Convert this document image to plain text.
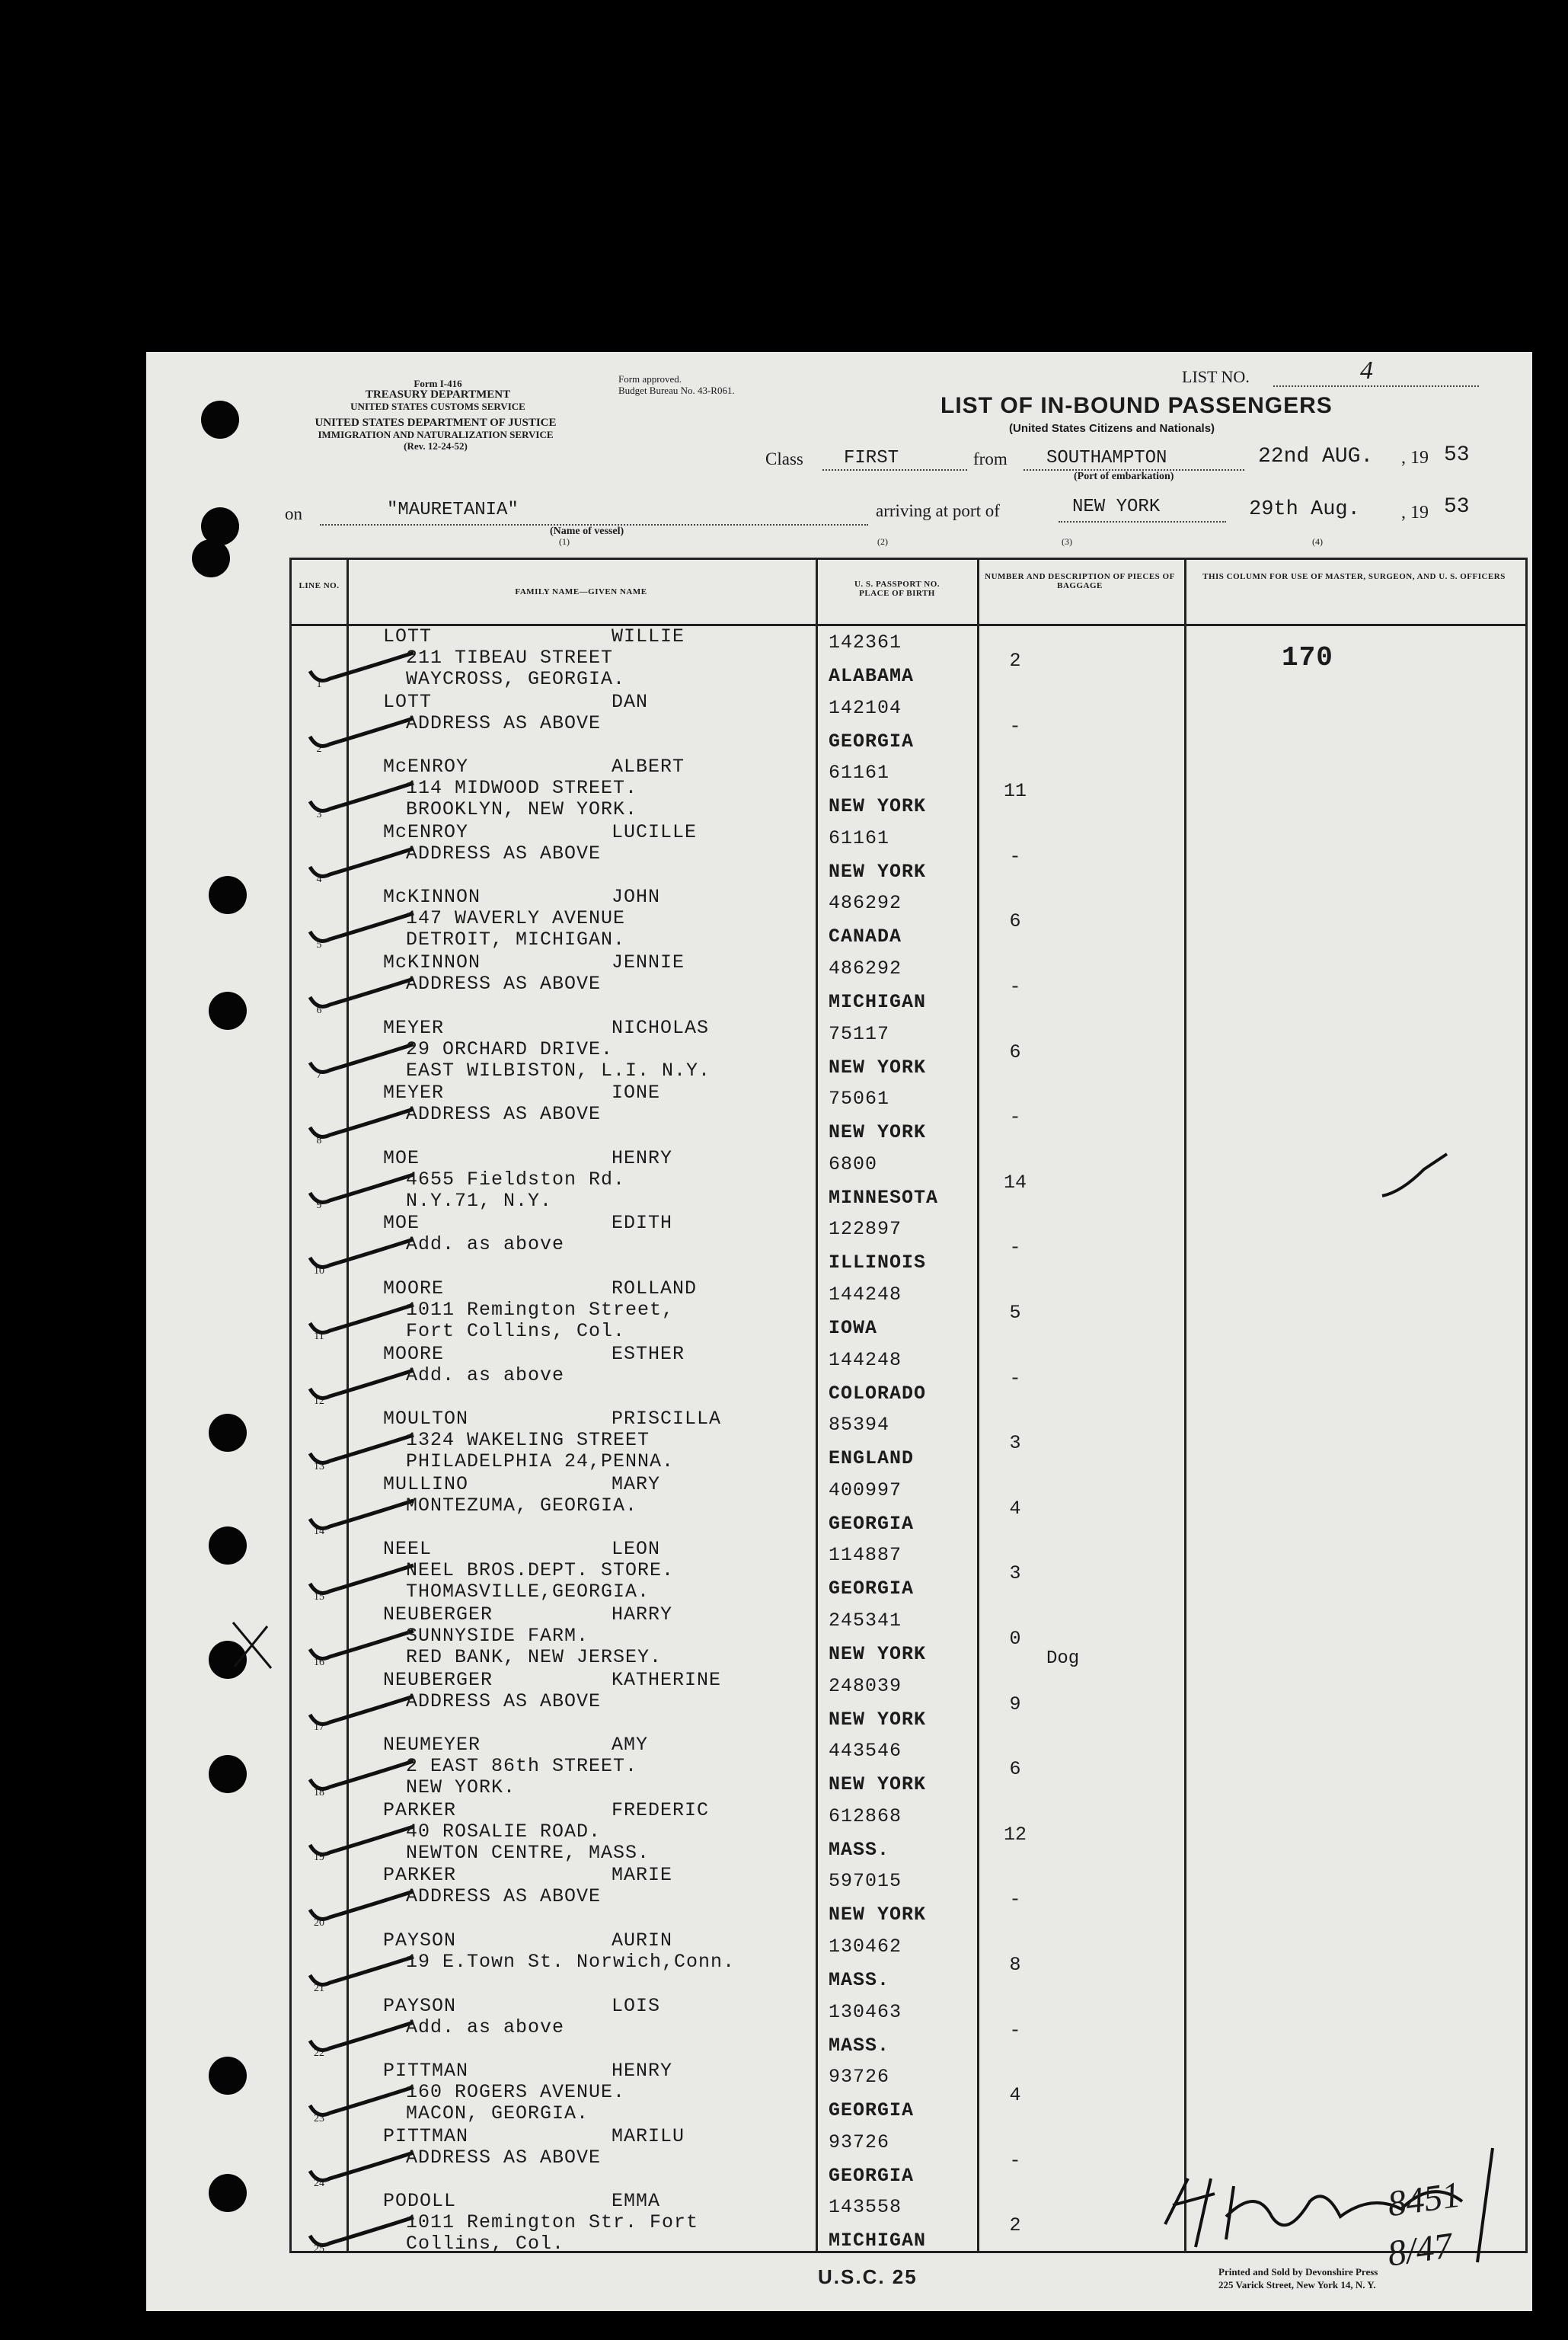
Form I-416
TREASURY DEPARTMENT
UNITED STATES CUSTOMS SERVICE
Form approved.
Budget Bureau No. 43-R061.
UNITED STATES DEPARTMENT OF JUSTICE
IMMIGRATION AND NATURALIZATION SERVICE
(Rev. 12-24-52)
LIST NO.	4
LIST OF IN-BOUND PASSENGERS
(United States Citizens and Nationals)
Class FIRST	from SOUTHAMPTON
(Port of embarkation)
22nd AUG. , 19 53
on	"MAURETANIA"
(Name of vessel)
arriving at port of	NEW YORK	29th Aug. , 19 53
(1)	(2)	(3)	(4)
LINE NO.
FAMILY NAME—GIVEN NAME
U. S. PASSPORT NO. PLACE OF BIRTH
NUMBER AND DESCRIPTION OF PIECES OF BAGGAGE
THIS COLUMN FOR USE OF MASTER, SURGEON, AND U. S. OFFICERS
1
LOTT	WILLIE
211 TIBEAU STREET
WAYCROSS, GEORGIA.
142361
ALABAMA
2	170
2
LOTT	DAN
ADDRESS AS ABOVE
142104
GEORGIA
-
3
McENROY	ALBERT
114 MIDWOOD STREET.
BROOKLYN, NEW YORK.
61161
NEW YORK
11
4
McENROY	LUCILLE
ADDRESS AS ABOVE
61161
NEW YORK
-
5
McKINNON	JOHN
147 WAVERLY AVENUE
DETROIT, MICHIGAN.
486292
CANADA
6
6
McKINNON	JENNIE
ADDRESS AS ABOVE
486292
MICHIGAN
-
7
MEYER	NICHOLAS
29 ORCHARD DRIVE.
EAST WILBISTON, L.I. N.Y.
75117
NEW YORK
6
8
MEYER	IONE
ADDRESS AS ABOVE
75061
NEW YORK
-
9
MOE	HENRY
4655 Fieldston Rd.
N.Y.71, N.Y.
6800
MINNESOTA
14
10
MOE	EDITH
Add. as above
122897
ILLINOIS
-
11
MOORE	ROLLAND
1011 Remington Street,
Fort Collins, Col.
144248
IOWA
5
12
MOORE	ESTHER
Add. as above
144248
COLORADO
-
13
MOULTON	PRISCILLA
1324 WAKELING STREET
PHILADELPHIA 24,PENNA.
85394
ENGLAND
3
14
MULLINO	MARY
MONTEZUMA, GEORGIA.
400997
GEORGIA
4
15
NEEL	LEON
NEEL BROS.DEPT. STORE.
THOMASVILLE,GEORGIA.
114887
GEORGIA
3
16
NEUBERGER	HARRY
SUNNYSIDE FARM.
RED BANK, NEW JERSEY.
245341
NEW YORK
0
17
NEUBERGER	KATHERINE
ADDRESS AS ABOVE
248039
NEW YORK
9
18
NEUMEYER	AMY
2 EAST 86th STREET.
NEW YORK.
443546
NEW YORK
6
19
PARKER	FREDERIC
40 ROSALIE ROAD.
NEWTON CENTRE, MASS.
612868
MASS.
12
20
PARKER	MARIE
ADDRESS AS ABOVE
597015
NEW YORK
-
21
PAYSON	AURIN
19 E.Town St. Norwich,Conn.
130462
MASS.
8
22
PAYSON	LOIS
Add. as above
130463
MASS.
-
23
PITTMAN	HENRY
160 ROGERS AVENUE.
MACON, GEORGIA.
93726
GEORGIA
4
24
PITTMAN	MARILU
ADDRESS AS ABOVE
93726
GEORGIA
-
25
PODOLL	EMMA
1011 Remington Str. Fort
Collins, Col.
143558
MICHIGAN
2
Dog
U.S.C. 25	Printed and Sold by Devonshire Press
225 Varick Street, New York 14, N. Y.
8451
8/47
